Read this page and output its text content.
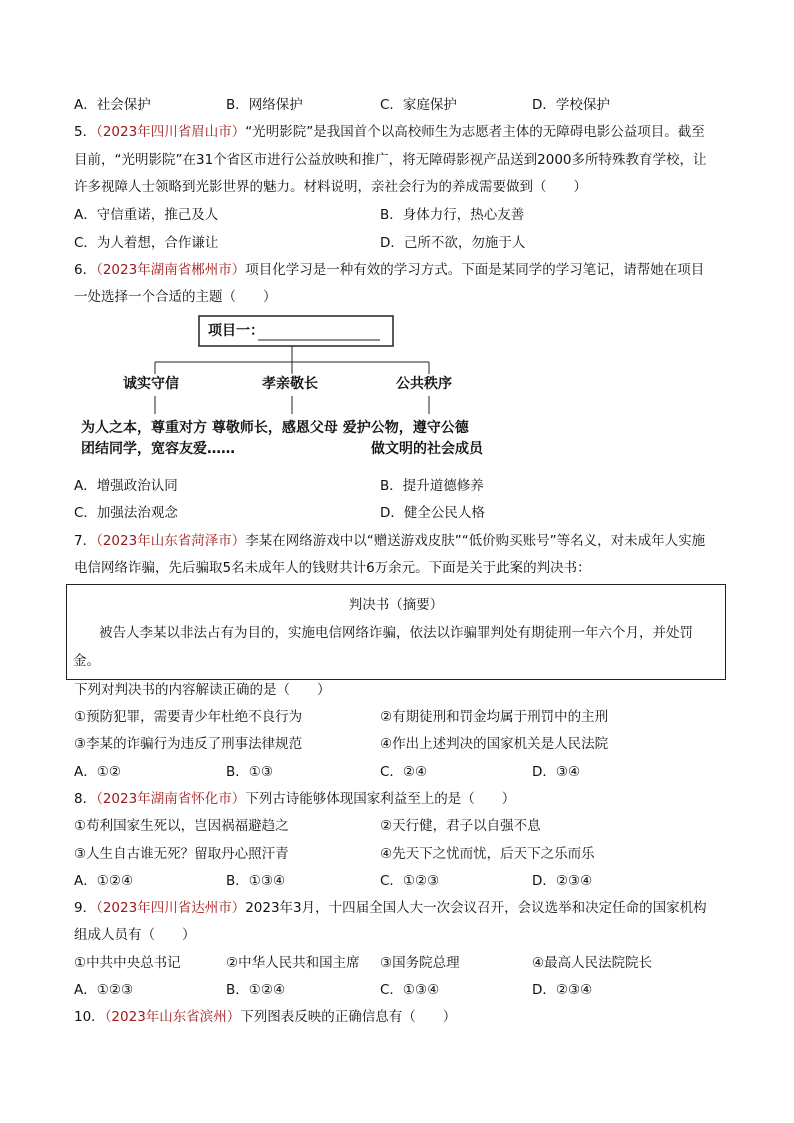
A．社会保护	B．网络保护	C．家庭保护	D．学校保护
5．（2023年四川省眉山市）“光明影院”是我国首个以高校师生为志愿者主体的无障碍电影公益项目。截至
目前，“光明影院”在31个省区市进行公益放映和推广，将无障碍影视产品送到2000多所特殊教育学校，让
许多视障人士领略到光影世界的魅力。材料说明，亲社会行为的养成需要做到（　　）
A．守信重诺，推己及人	B．身体力行，热心友善
C．为人着想，合作谦让	D．己所不欲，勿施于人
6．（2023年湖南省郴州市）项目化学习是一种有效的学习方式。下面是某同学的学习笔记，请帮她在项目
一处选择一个合适的主题（　　）
项目一：
诚实守信	孝亲敬长	公共秩序
为人之本，尊重对方 尊敬师长，感恩父母 爱护公物，遵守公德
团结同学，宽容友爱……	做文明的社会成员
A．增强政治认同	B．提升道德修养
C．加强法治观念	D．健全公民人格
7．（2023年山东省菏泽市）李某在网络游戏中以“赠送游戏皮肤”“低价购买账号”等名义，对未成年人实施
电信网络诈骗，先后骗取5名未成年人的钱财共计6万余元。下面是关于此案的判决书：
判决书（摘要）
被告人李某以非法占有为目的，实施电信网络诈骗，依法以诈骗罪判处有期徒刑一年六个月，并处罚
金。
下列对判决书的内容解读正确的是（　　）
①预防犯罪，需要青少年杜绝不良行为	②有期徒刑和罚金均属于刑罚中的主刑
③李某的诈骗行为违反了刑事法律规范	④作出上述判决的国家机关是人民法院
A．①②	B．①③	C．②④	D．③④
8．（2023年湖南省怀化市）下列古诗能够体现国家利益至上的是（　　）
①苟利国家生死以，岂因祸福避趋之	②天行健，君子以自强不息
③人生自古谁无死？留取丹心照汗青	④先天下之忧而忧，后天下之乐而乐
A．①②④	B．①③④	C．①②③	D．②③④
9．（2023年四川省达州市）2023年3月，十四届全国人大一次会议召开，会议选举和决定任命的国家机构
组成人员有（　　）
①中共中央总书记	②中华人民共和国主席 ③国务院总理	④最高人民法院院长
A．①②③	B．①②④	C．①③④	D．②③④
10．（2023年山东省滨州）下列图表反映的正确信息有（　　）
